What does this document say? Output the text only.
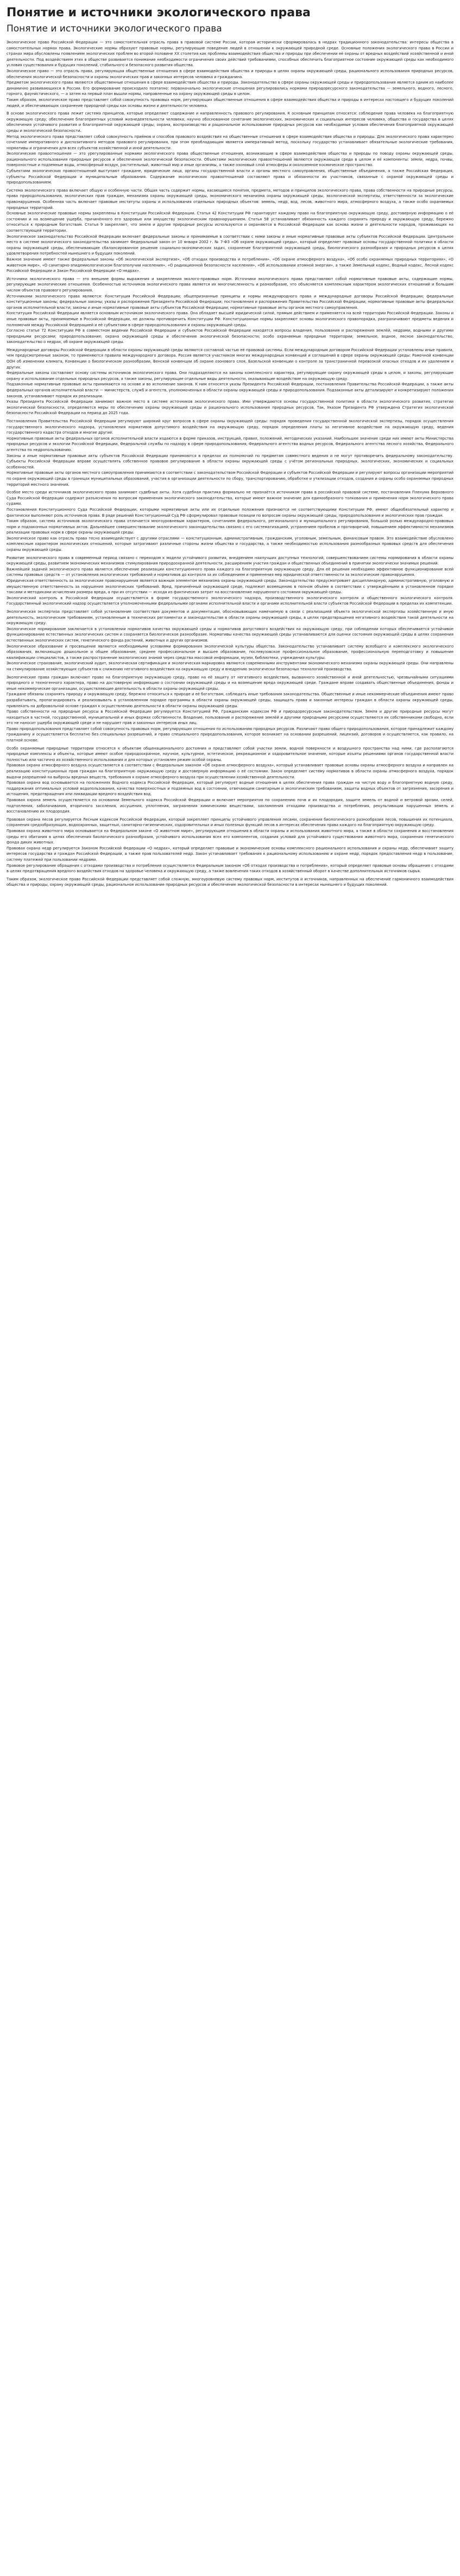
Понятие и источники экологического права
Понятие и источники экологического права

Экологическое право Российской Федерации — это самостоятельная отрасль права в правовой системе России, которая исторически сформировалась в недрах традиционного законодательства: интересы общества в самостоятельных нормах права. Экологические нормы образуют правовые нормы, регулирующие поведение людей в отношении к окружающей природной среде. Основные положения экологического права в России и странах мира обусловлены появлением экологических проблем во второй половине XX столетия как проблемы взаимодействия общества и природы при обеспечении её охраны от вредных воздействий хозяйственной и иной деятельности. Под воздействием этих в обществе развивается понимание необходимости ограничения своих действий требованиями, способных обеспечить благоприятное состояние окружающей среды как необходимого условия существования и будущих поколений, стабильного и безопасного развития общества.

Экологическое право — это отрасль права, регулирующая общественные отношения в сфере взаимодействия общества и природы в целях охраны окружающей среды, рационального использования природных ресурсов, обеспечения экологической безопасности и охраны экологических прав и законных интересов человека и гражданина.

Предметом экологического права являются общественные отношения в сфере взаимодействия общества и природы. Законодательство в сфере охраны окружающей среды и природопользования является одним из наиболее динамично развивающихся в России. Его формирование происходило поэтапно: первоначально экологические отношения регулировались нормами природоресурсного законодательства — земельного, водного, лесного, горного, фаунистического, — а затем на первый план вышли нормы, направленные на охрану окружающей среды в целом.

Таким образом, экологическое право представляет собой совокупность правовых норм, регулирующих общественные отношения в сфере взаимодействия общества и природы в интересах настоящего и будущих поколений людей, и обеспечивающих сохранение природной среды как основы жизни и деятельности человека.

В основе экологического права лежит система принципов, которые определяют содержание и направленность правового регулирования. К основным принципам относятся: соблюдение права человека на благоприятную окружающую среду; обеспечение благоприятных условий жизнедеятельности человека; научно обоснованное сочетание экологических, экономических и социальных интересов человека, общества и государства в целях обеспечения устойчивого развития и благоприятной окружающей среды; охрана, воспроизводство и рациональное использование природных ресурсов как необходимые условия обеспечения благоприятной окружающей среды и экологической безопасности.

Метод экологического права представляет собой совокупность приёмов и способов правового воздействия на общественные отношения в сфере взаимодействия общества и природы. Для экологического права характерно сочетание императивного и диспозитивного методов правового регулирования, при этом преобладающим является императивный метод, поскольку государство устанавливает обязательные экологические требования, нормативы и ограничения для всех субъектов хозяйственной и иной деятельности.

Экологические правоотношения — это урегулированные нормами экологического права общественные отношения, возникающие в сфере взаимодействия общества и природы по поводу охраны окружающей среды, рационального использования природных ресурсов и обеспечения экологической безопасности. Объектами экологических правоотношений являются окружающая среда в целом и её компоненты: земли, недра, почвы, поверхностные и подземные воды, атмосферный воздух, растительный, животный мир и иные организмы, а также озоновый слой атмосферы и околоземное космическое пространство.

Субъектами экологических правоотношений выступают граждане, юридические лица, органы государственной власти и органы местного самоуправления, общественные объединения, а также Российская Федерация, субъекты Российской Федерации и муниципальные образования. Содержание экологических правоотношений составляют права и обязанности их участников, связанные с охраной окружающей среды и природопользованием.

Система экологического права включает общую и особенную части. Общая часть содержит нормы, касающиеся понятия, предмета, методов и принципов экологического права, права собственности на природные ресурсы, права природопользования, экологических прав граждан, механизма охраны окружающей среды, экономического механизма охраны окружающей среды, экологической экспертизы, ответственности за экологические правонарушения. Особенная часть включает правовые институты охраны и использования отдельных природных объектов: земель, недр, вод, лесов, животного мира, атмосферного воздуха, а также особо охраняемых природных территорий.

Основные экологические правовые нормы закреплены в Конституции Российской Федерации. Статья 42 Конституции РФ гарантирует каждому право на благоприятную окружающую среду, достоверную информацию о её состоянии и на возмещение ущерба, причинённого его здоровью или имуществу экологическим правонарушением. Статья 58 устанавливает обязанность каждого сохранять природу и окружающую среду, бережно относиться к природным богатствам. Статья 9 закрепляет, что земля и другие природные ресурсы используются и охраняются в Российской Федерации как основа жизни и деятельности народов, проживающих на соответствующей территории.

Экологическое законодательство Российской Федерации включает федеральные законы и принимаемые в соответствии с ними законы и иные нормативные правовые акты субъектов Российской Федерации. Центральное место в системе экологического законодательства занимает Федеральный закон от 10 января 2002 г. № 7-ФЗ «Об охране окружающей среды», который определяет правовые основы государственной политики в области охраны окружающей среды, обеспечивающие сбалансированное решение социально-экономических задач, сохранение благоприятной окружающей среды, биологического разнообразия и природных ресурсов в целях удовлетворения потребностей нынешнего и будущих поколений.

Важное значение имеют также федеральные законы «Об экологической экспертизе», «Об отходах производства и потребления», «Об охране атмосферного воздуха», «Об особо охраняемых природных территориях», «О животном мире», «О санитарно-эпидемиологическом благополучии населения», «О радиационной безопасности населения», «Об использовании атомной энергии», а также Земельный кодекс, Водный кодекс, Лесной кодекс Российской Федерации и Закон Российской Федерации «О недрах».

Источники экологического права — это внешние формы выражения и закрепления эколого-правовых норм. Источники экологического права представляют собой нормативные правовые акты, содержащие нормы, регулирующие экологические отношения. Особенностью источников экологического права является их многочисленность и разнообразие, что объясняется комплексным характером экологических отношений и большим числом объектов правового регулирования.

Источниками экологического права являются: Конституция Российской Федерации; общепризнанные принципы и нормы международного права и международные договоры Российской Федерации; федеральные конституционные законы; федеральные законы; указы и распоряжения Президента Российской Федерации; постановления и распоряжения Правительства Российской Федерации; нормативные правовые акты федеральных органов исполнительной власти; законы и иные нормативные правовые акты субъектов Российской Федерации; нормативные правовые акты органов местного самоуправления.

Конституция Российской Федерации является основным источником экологического права. Она обладает высшей юридической силой, прямым действием и применяется на всей территории Российской Федерации. Законы и иные правовые акты, принимаемые в Российской Федерации, не должны противоречить Конституции РФ. Конституционные нормы закрепляют основы экологического правопорядка, разграничивают предметы ведения и полномочия между Российской Федерацией и её субъектами в сфере природопользования и охраны окружающей среды.

Согласно статье 72 Конституции РФ в совместном ведении Российской Федерации и субъектов Российской Федерации находятся вопросы владения, пользования и распоряжения землёй, недрами, водными и другими природными ресурсами; природопользование; охрана окружающей среды и обеспечение экологической безопасности; особо охраняемые природные территории; земельное, водное, лесное законодательство, законодательство о недрах, об охране окружающей среды.

Международные договоры Российской Федерации в области охраны окружающей среды являются составной частью её правовой системы. Если международным договором Российской Федерации установлены иные правила, чем предусмотренные законом, то применяются правила международного договора. Россия является участником многих международных конвенций и соглашений в сфере охраны окружающей среды: Рамочной конвенции ООН об изменении климата, Конвенции о биологическом разнообразии, Венской конвенции об охране озонового слоя, Базельской конвенции о контроле за трансграничной перевозкой опасных отходов и их удалением и других.

Федеральные законы составляют основу системы источников экологического права. Они подразделяются на законы комплексного характера, регулирующие охрану окружающей среды в целом, и законы, регулирующие охрану и использование отдельных природных ресурсов, а также законы, регулирующие отдельные виды деятельности, оказывающие воздействие на окружающую среду.

Подзаконные нормативные правовые акты принимаются на основе и во исполнение законов. К ним относятся указы Президента Российской Федерации, постановления Правительства Российской Федерации, а также акты федеральных органов исполнительной власти — министерств, служб и агентств, уполномоченных в области охраны окружающей среды и природопользования. Подзаконные акты детализируют и конкретизируют положения законов, устанавливают порядок их реализации.

Указы Президента Российской Федерации занимают важное место в системе источников экологического права. Ими утверждаются основы государственной политики в области экологического развития, стратегии экологической безопасности, определяются меры по обеспечению охраны окружающей среды и рационального использования природных ресурсов. Так, Указом Президента РФ утверждена Стратегия экологической безопасности Российской Федерации на период до 2025 года.

Постановления Правительства Российской Федерации регулируют широкий круг вопросов в сфере охраны окружающей среды: порядок проведения государственной экологической экспертизы, порядок осуществления государственного экологического надзора, установления нормативов допустимого воздействия на окружающую среду, порядок определения платы за негативное воздействие на окружающую среду, ведения государственного кадастра отходов и многие другие.

Нормативные правовые акты федеральных органов исполнительной власти издаются в форме приказов, инструкций, правил, положений, методических указаний. Наибольшее значение среди них имеют акты Министерства природных ресурсов и экологии Российской Федерации, Федеральной службы по надзору в сфере природопользования, Федерального агентства водных ресурсов, Федерального агентства лесного хозяйства, Федерального агентства по недропользованию.

Законы и иные нормативные правовые акты субъектов Российской Федерации принимаются в пределах их полномочий по предметам совместного ведения и не могут противоречить федеральному законодательству. Субъекты Российской Федерации вправе осуществлять собственное правовое регулирование в области охраны окружающей среды с учётом региональных природных, экологических, экономических и социальных особенностей.

Нормативные правовые акты органов местного самоуправления принимаются в соответствии с законодательством Российской Федерации и субъектов Российской Федерации и регулируют вопросы организации мероприятий по охране окружающей среды в границах муниципальных образований, участия в организации деятельности по сбору, транспортированию, обработке и утилизации отходов, создания и охраны особо охраняемых природных территорий местного значения.

Особое место среди источников экологического права занимают судебные акты. Хотя судебная практика формально не признаётся источником права в российской правовой системе, постановления Пленума Верховного Суда Российской Федерации содержат разъяснения по вопросам применения экологического законодательства, которые имеют важное значение для единообразного толкования и применения норм экологического права судами.

Постановления Конституционного Суда Российской Федерации, которыми нормативные акты или их отдельные положения признаются не соответствующими Конституции РФ, имеют общеобязательный характер и фактически выполняют роль источников права. В ряде решений Конституционный Суд РФ сформулировал правовые позиции по вопросам охраны окружающей среды, природопользования и экологических прав граждан.

Таким образом, система источников экологического права отличается многоуровневым характером, сочетанием федерального, регионального и муниципального регулирования, большой ролью международно-правовых норм и подзаконных нормативных актов. Дальнейшее совершенствование экологического законодательства связано с его систематизацией, устранением пробелов и противоречий, повышением эффективности механизмов реализации правовых норм в сфере охраны окружающей среды.

Экологическое право как отрасль права тесно взаимодействует с другими отраслями — конституционным, административным, гражданским, уголовным, земельным, финансовым правом. Это взаимодействие обусловлено комплексным характером экологических отношений, которые затрагивают различные стороны жизни общества и государства, а также необходимостью использования разнообразных правовых средств для обеспечения охраны окружающей среды.

Развитие экологического права в современный период связано с переходом к модели устойчивого развития, внедрением наилучших доступных технологий, совершенствованием системы нормирования в области охраны окружающей среды, развитием экономических механизмов стимулирования природоохранной деятельности, расширением участия граждан и общественных объединений в принятии экологически значимых решений.

Важнейшей задачей экологического права является обеспечение реализации конституционного права каждого на благоприятную окружающую среду. Для её решения необходимо эффективное функционирование всей системы правовых средств — от установления экологических требований и нормативов до контроля за их соблюдением и применения мер юридической ответственности за экологические правонарушения.

Юридическая ответственность за экологические правонарушения является важным элементом механизма охраны окружающей среды. Законодательство предусматривает дисциплинарную, административную, уголовную и имущественную ответственность за нарушения экологических требований. Вред, причинённый окружающей среде, подлежит возмещению в полном объёме в соответствии с утверждёнными в установленном порядке таксами и методиками исчисления размера вреда, а при их отсутствии — исходя из фактических затрат на восстановление нарушенного состояния окружающей среды.

Экологический контроль в Российской Федерации осуществляется в форме государственного экологического надзора, производственного экологического контроля и общественного экологического контроля. Государственный экологический надзор осуществляется уполномоченными федеральными органами исполнительной власти и органами исполнительной власти субъектов Российской Федерации в пределах их компетенции.

Экологическая экспертиза представляет собой установление соответствия документов и документации, обосновывающих намечаемую в связи с реализацией объекта экологической экспертизы хозяйственную и иную деятельность, экологическим требованиям, установленным в технических регламентах и законодательстве в области охраны окружающей среды, в целях предотвращения негативного воздействия такой деятельности на окружающую среду.

Экологическое нормирование заключается в установлении нормативов качества окружающей среды и нормативов допустимого воздействия на окружающую среду, при соблюдении которых обеспечивается устойчивое функционирование естественных экологических систем и сохраняется биологическое разнообразие. Нормативы качества окружающей среды устанавливаются для оценки состояния окружающей среды в целях сохранения естественных экологических систем, генетического фонда растений, животных и других организмов.

Экологическое образование и просвещение являются необходимыми условиями формирования экологической культуры общества. Законодательство устанавливает систему всеобщего и комплексного экологического образования, включающую дошкольное и общее образование, среднее профессиональное и высшее образование, послевузовское профессиональное образование, профессиональную переподготовку и повышение квалификации специалистов, а также распространение экологических знаний через средства массовой информации, музеи, библиотеки, учреждения культуры.

Экологическое страхование, экологический аудит, экологическая сертификация и экологическая маркировка являются современными инструментами экономического механизма охраны окружающей среды. Они направлены на стимулирование хозяйствующих субъектов к снижению негативного воздействия на окружающую среду и внедрению экологически безопасных технологий производства.

Экологические права граждан включают право на благоприятную окружающую среду, право на её защиту от негативного воздействия, вызванного хозяйственной и иной деятельностью, чрезвычайными ситуациями природного и техногенного характера, право на достоверную информацию о состоянии окружающей среды и на возмещение вреда окружающей среде. Граждане вправе создавать общественные объединения, фонды и иные некоммерческие организации, осуществляющие деятельность в области охраны окружающей среды.

Граждане обязаны сохранять природу и окружающую среду, бережно относиться к природе и её богатствам, соблюдать иные требования законодательства. Общественные и иные некоммерческие объединения имеют право разрабатывать, пропагандировать и реализовывать в установленном порядке программы в области охраны окружающей среды, защищать права и законные интересы граждан в области охраны окружающей среды, привлекать на добровольной основе граждан к осуществлению деятельности в области охраны окружающей среды.

Право собственности на природные ресурсы в Российской Федерации регулируется Конституцией РФ, Гражданским кодексом РФ и природоресурсным законодательством. Земля и другие природные ресурсы могут находиться в частной, государственной, муниципальной и иных формах собственности. Владение, пользование и распоряжение землёй и другими природными ресурсами осуществляются их собственниками свободно, если это не наносит ущерба окружающей среде и не нарушает прав и законных интересов иных лиц.

Право природопользования представляет собой совокупность правовых норм, регулирующих отношения по использованию природных ресурсов. Различают право общего природопользования, которое принадлежит каждому гражданину и осуществляется бесплатно без специальных разрешений, и право специального природопользования, которое возникает на основании разрешений, лицензий, договоров и осуществляется, как правило, на платной основе.

Особо охраняемые природные территории относятся к объектам общенационального достояния и представляют собой участки земли, водной поверхности и воздушного пространства над ними, где располагаются природные комплексы и объекты, которые имеют особое природоохранное, научное, культурное, эстетическое, рекреационное и оздоровительное значение, которые изъяты решениями органов государственной власти полностью или частично из хозяйственного использования и для которых установлен режим особой охраны.

Правовая охрана атмосферного воздуха осуществляется в соответствии с Федеральным законом «Об охране атмосферного воздуха», который устанавливает правовые основы охраны атмосферного воздуха и направлен на реализацию конституционных прав граждан на благоприятную окружающую среду и достоверную информацию о её состоянии. Закон определяет систему нормативов в области охраны атмосферного воздуха, порядок выдачи разрешений на выбросы вредных веществ, требования к охране атмосферного воздуха при осуществлении хозяйственной деятельности.

Правовая охрана вод основывается на положениях Водного кодекса Российской Федерации, который регулирует водные отношения в целях обеспечения права граждан на чистую воду и благоприятную водную среду, поддержания оптимальных условий водопользования, качества поверхностных и подземных вод в состоянии, отвечающем санитарным и экологическим требованиям, защиты водных объектов от загрязнения, засорения и истощения, предотвращения или ликвидации вредного воздействия вод.

Правовая охрана земель осуществляется на основании Земельного кодекса Российской Федерации и включает мероприятия по сохранению почв и их плодородия, защите земель от водной и ветровой эрозии, селей, подтопления, заболачивания, вторичного засоления, иссушения, уплотнения, загрязнения химическими веществами, захламления отходами производства и потребления, рекультивации нарушенных земель и восстановлению их плодородия.

Правовая охрана лесов регулируется Лесным кодексом Российской Федерации, который закрепляет принципы устойчивого управления лесами, сохранения биологического разнообразия лесов, повышения их потенциала, сохранения средообразующих, водоохранных, защитных, санитарно-гигиенических, оздоровительных и иных полезных функций лесов в интересах обеспечения права каждого на благоприятную окружающую среду.

Правовая охрана животного мира основывается на Федеральном законе «О животном мире», регулирующем отношения в области охраны и использования животного мира, а также в области сохранения и восстановления среды его обитания в целях обеспечения биологического разнообразия, устойчивого использования всех его компонентов, создания условий для устойчивого существования животного мира, сохранения генетического фонда диких животных.

Правовая охрана недр регулируется Законом Российской Федерации «О недрах», который определяет правовые и экономические основы комплексного рационального использования и охраны недр, обеспечивает защиту интересов государства и граждан Российской Федерации, а также прав пользователей недр. Закон устанавливает требования к рациональному использованию и охране недр, порядок предоставления недр в пользование, систему платежей при пользовании недрами.

Правовое регулирование обращения с отходами производства и потребления осуществляется Федеральным законом «Об отходах производства и потребления», который определяет правовые основы обращения с отходами в целях предотвращения вредного воздействия отходов на здоровье человека и окружающую среду, а также вовлечения таких отходов в хозяйственный оборот в качестве дополнительных источников сырья.

Таким образом, экологическое право Российской Федерации представляет собой сложную, многоуровневую систему правовых норм, институтов и источников, направленных на обеспечение гармоничного взаимодействия общества и природы, охрану окружающей среды, рациональное использование природных ресурсов и обеспечение экологической безопасности в интересах нынешнего и будущих поколений.
